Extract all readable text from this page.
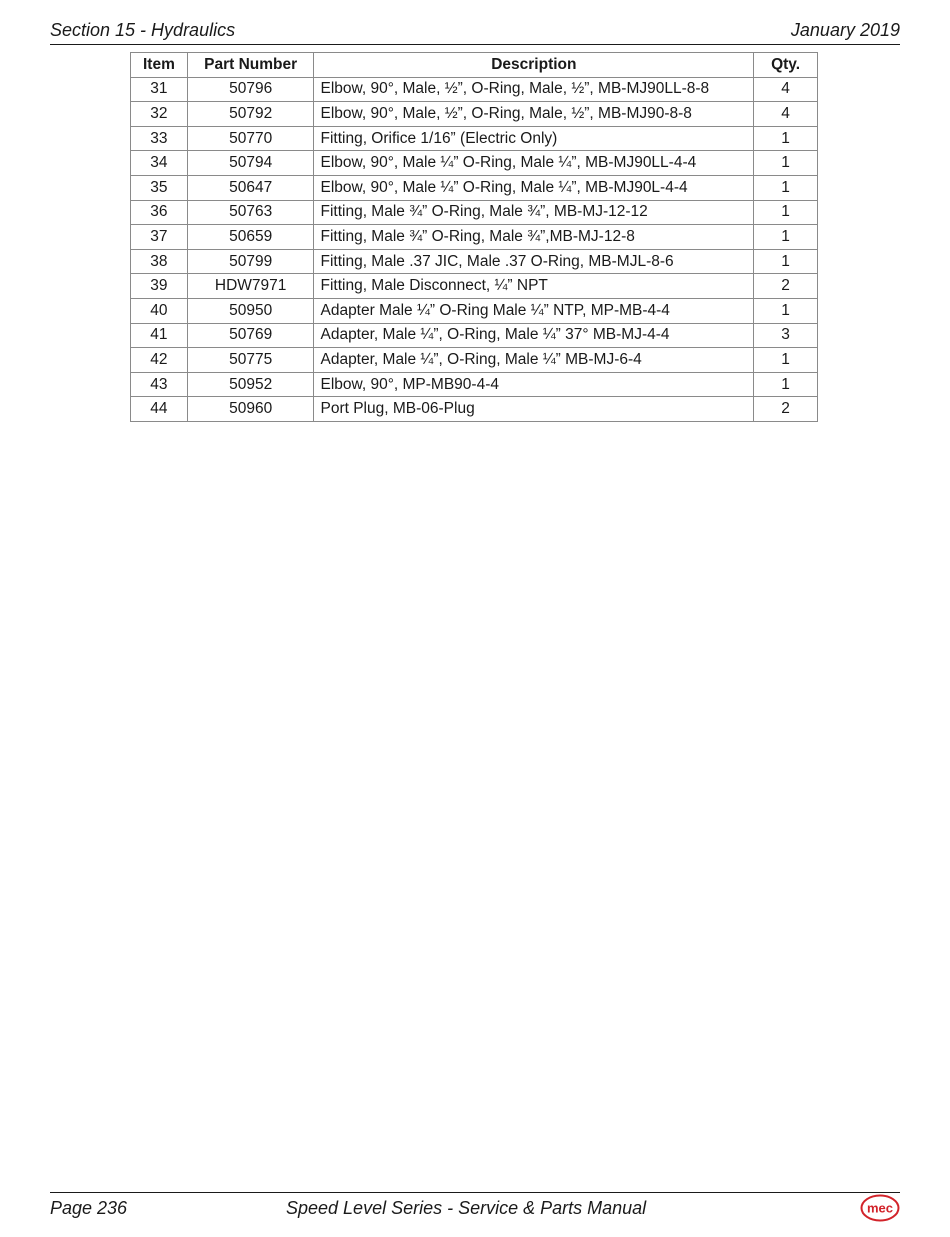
Section 15 - Hydraulics	January 2019
Item	Part Number	Description	Qty.
31	50796	Elbow, 90°, Male, ½”, O-Ring, Male, ½”, MB-MJ90LL-8-8	4
32	50792	Elbow, 90°, Male, ½”, O-Ring, Male, ½”, MB-MJ90-8-8	4
33	50770	Fitting, Orifice 1/16” (Electric Only)	1
34	50794	Elbow, 90°, Male ¼” O-Ring, Male ¼”, MB-MJ90LL-4-4	1
35	50647	Elbow, 90°, Male ¼” O-Ring, Male ¼”, MB-MJ90L-4-4	1
36	50763	Fitting, Male ¾” O-Ring, Male ¾”, MB-MJ-12-12	1
37	50659	Fitting, Male ¾” O-Ring, Male ¾”,MB-MJ-12-8	1
38	50799	Fitting, Male .37 JIC, Male .37 O-Ring, MB-MJL-8-6	1
39	HDW7971	Fitting, Male Disconnect, ¼” NPT	2
40	50950	Adapter Male ¼” O-Ring Male ¼” NTP, MP-MB-4-4	1
41	50769	Adapter, Male ¼”, O-Ring, Male ¼” 37° MB-MJ-4-4	3
42	50775	Adapter, Male ¼”, O-Ring, Male ¼” MB-MJ-6-4	1
43	50952	Elbow, 90°, MP-MB90-4-4	1
44	50960	Port Plug, MB-06-Plug	2
Page 236	Speed Level Series - Service & Parts Manual	mec
